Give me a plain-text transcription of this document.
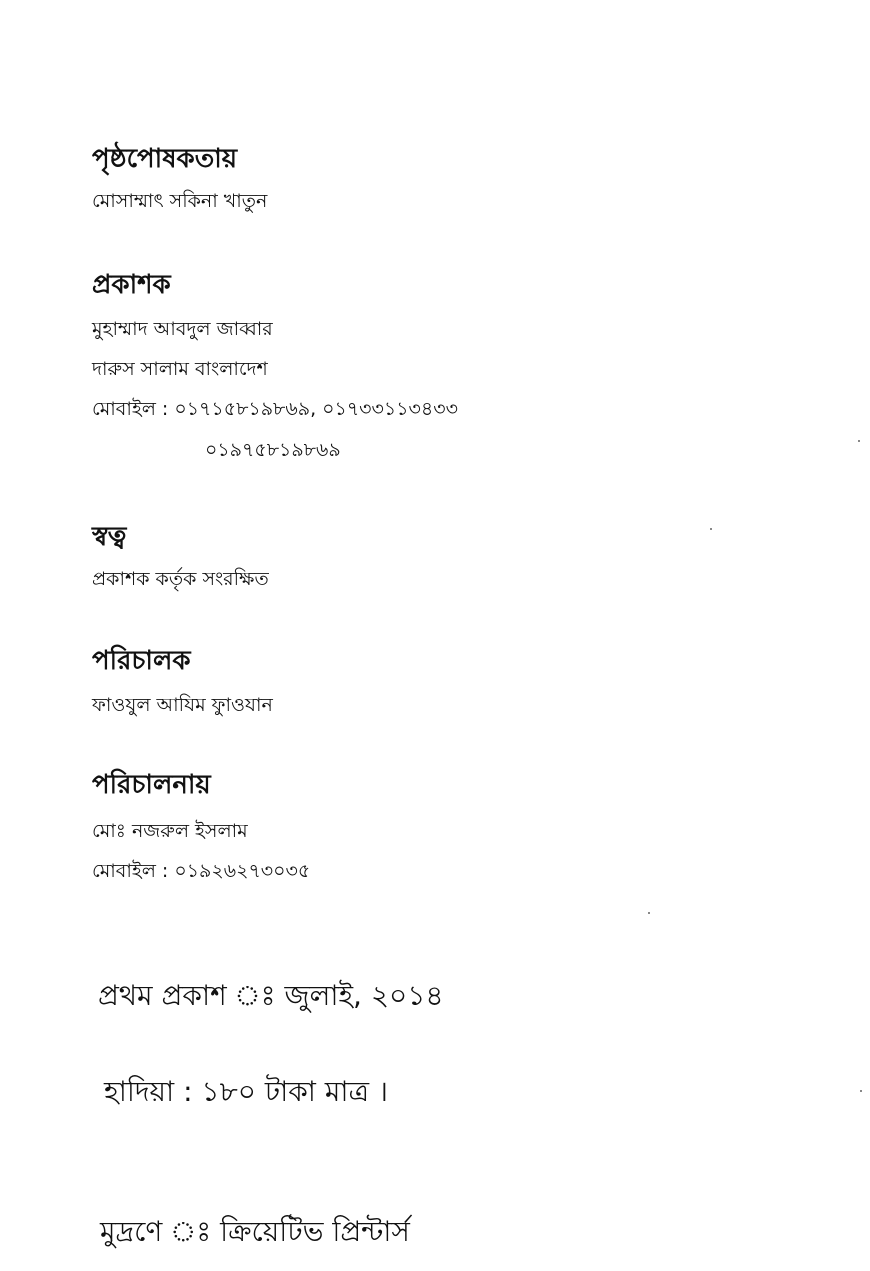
পৃষ্ঠপোষকতায়
মোসাম্মাৎ সকিনা খাতুন
প্রকাশক
মুহাম্মাদ আবদুল জাব্বার
দারুস সালাম বাংলাদেশ
মোবাইল : ০১৭১৫৮১৯৮৬৯, ০১৭৩৩১১৩৪৩৩
০১৯৭৫৮১৯৮৬৯
স্বত্ব
প্রকাশক কর্তৃক সংরক্ষিত
পরিচালক
ফাওযুল আযিম ফাুওযান
পরিচালনায়
মোঃ নজরুল ইসলাম
মোবাইল : ০১৯২৬২৭৩০৩৫
প্রথম প্রকাশ ঃ জুলাই, ২০১৪
হাদিয়া : ১৮০ টাকা মাত্র ।
মুদ্রণে ঃ ক্রিয়েটিভ প্রিন্টার্স
